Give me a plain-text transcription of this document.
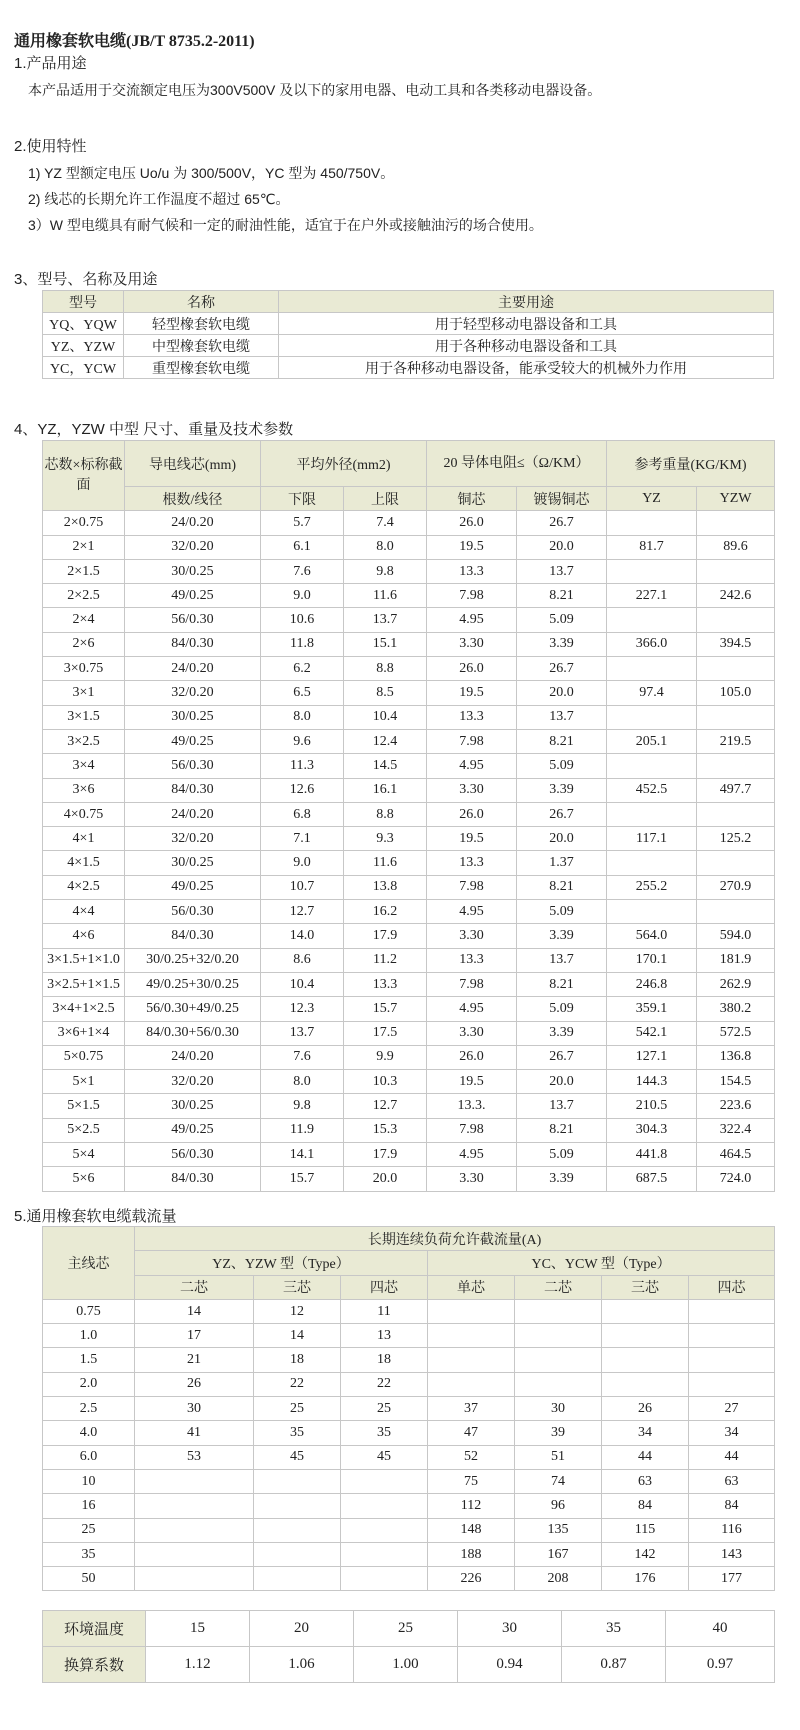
通用橡套软电缆(JB/T 8735.2-2011)
1.产品用途
本产品适用于交流额定电压为300V500V 及以下的家用电器、电动工具和各类移动电器设备。
2.使用特性
1) YZ 型额定电压 Uo/u 为 300/500V，YC 型为 450/750V。
2) 线芯的长期允许工作温度不超过 65℃。
3）W 型电缆具有耐气候和一定的耐油性能，适宜于在户外或接触油污的场合使用。
3、型号、名称及用途
型号	名称	主要用途
YQ、YQW	轻型橡套软电缆	用于轻型移动电器设备和工具
YZ、YZW	中型橡套软电缆	用于各种移动电器设备和工具
YC，YCW	重型橡套软电缆	用于各种移动电器设备，能承受较大的机械外力作用
4、YZ，YZW 中型 尺寸、重量及技术参数
芯数×标称截面	导电线芯(mm)	平均外径(mm2)		20 导体电阻≤（Ω/KM）		参考重量(KG/KM)	
	根数/线径	下限	上限	铜芯	镀锡铜芯	YZ	YZW
2×0.75	24/0.20	5.7	7.4	26.0	26.7		
2×1	32/0.20	6.1	8.0	19.5	20.0	81.7	89.6
2×1.5	30/0.25	7.6	9.8	13.3	13.7		
2×2.5	49/0.25	9.0	11.6	7.98	8.21	227.1	242.6
2×4	56/0.30	10.6	13.7	4.95	5.09		
2×6	84/0.30	11.8	15.1	3.30	3.39	366.0	394.5
3×0.75	24/0.20	6.2	8.8	26.0	26.7		
3×1	32/0.20	6.5	8.5	19.5	20.0	97.4	105.0
3×1.5	30/0.25	8.0	10.4	13.3	13.7		
3×2.5	49/0.25	9.6	12.4	7.98	8.21	205.1	219.5
3×4	56/0.30	11.3	14.5	4.95	5.09		
3×6	84/0.30	12.6	16.1	3.30	3.39	452.5	497.7
4×0.75	24/0.20	6.8	8.8	26.0	26.7		
4×1	32/0.20	7.1	9.3	19.5	20.0	117.1	125.2
4×1.5	30/0.25	9.0	11.6	13.3	1.37		
4×2.5	49/0.25	10.7	13.8	7.98	8.21	255.2	270.9
4×4	56/0.30	12.7	16.2	4.95	5.09		
4×6	84/0.30	14.0	17.9	3.30	3.39	564.0	594.0
3×1.5+1×1.0	30/0.25+32/0.20	8.6	11.2	13.3	13.7	170.1	181.9
3×2.5+1×1.5	49/0.25+30/0.25	10.4	13.3	7.98	8.21	246.8	262.9
3×4+1×2.5	56/0.30+49/0.25	12.3	15.7	4.95	5.09	359.1	380.2
3×6+1×4	84/0.30+56/0.30	13.7	17.5	3.30	3.39	542.1	572.5
5×0.75	24/0.20	7.6	9.9	26.0	26.7	127.1	136.8
5×1	32/0.20	8.0	10.3	19.5	20.0	144.3	154.5
5×1.5	30/0.25	9.8	12.7	13.3.	13.7	210.5	223.6
5×2.5	49/0.25	11.9	15.3	7.98	8.21	304.3	322.4
5×4	56/0.30	14.1	17.9	4.95	5.09	441.8	464.5
5×6	84/0.30	15.7	20.0	3.30	3.39	687.5	724.0
5.通用橡套软电缆载流量
主线芯	长期连续负荷允许截流量(A)						
	YZ、YZW 型（Type）			YC、YCW 型（Type）			
	二芯	三芯	四芯	单芯	二芯	三芯	四芯
0.75	14	12	11				
1.0	17	14	13				
1.5	21	18	18				
2.0	26	22	22				
2.5	30	25	25	37	30	26	27
4.0	41	35	35	47	39	34	34
6.0	53	45	45	52	51	44	44
10				75	74	63	63
16				112	96	84	84
25				148	135	115	116
35				188	167	142	143
50				226	208	176	177
环境温度	15	20	25	30	35	40
换算系数	1.12	1.06	1.00	0.94	0.87	0.97
